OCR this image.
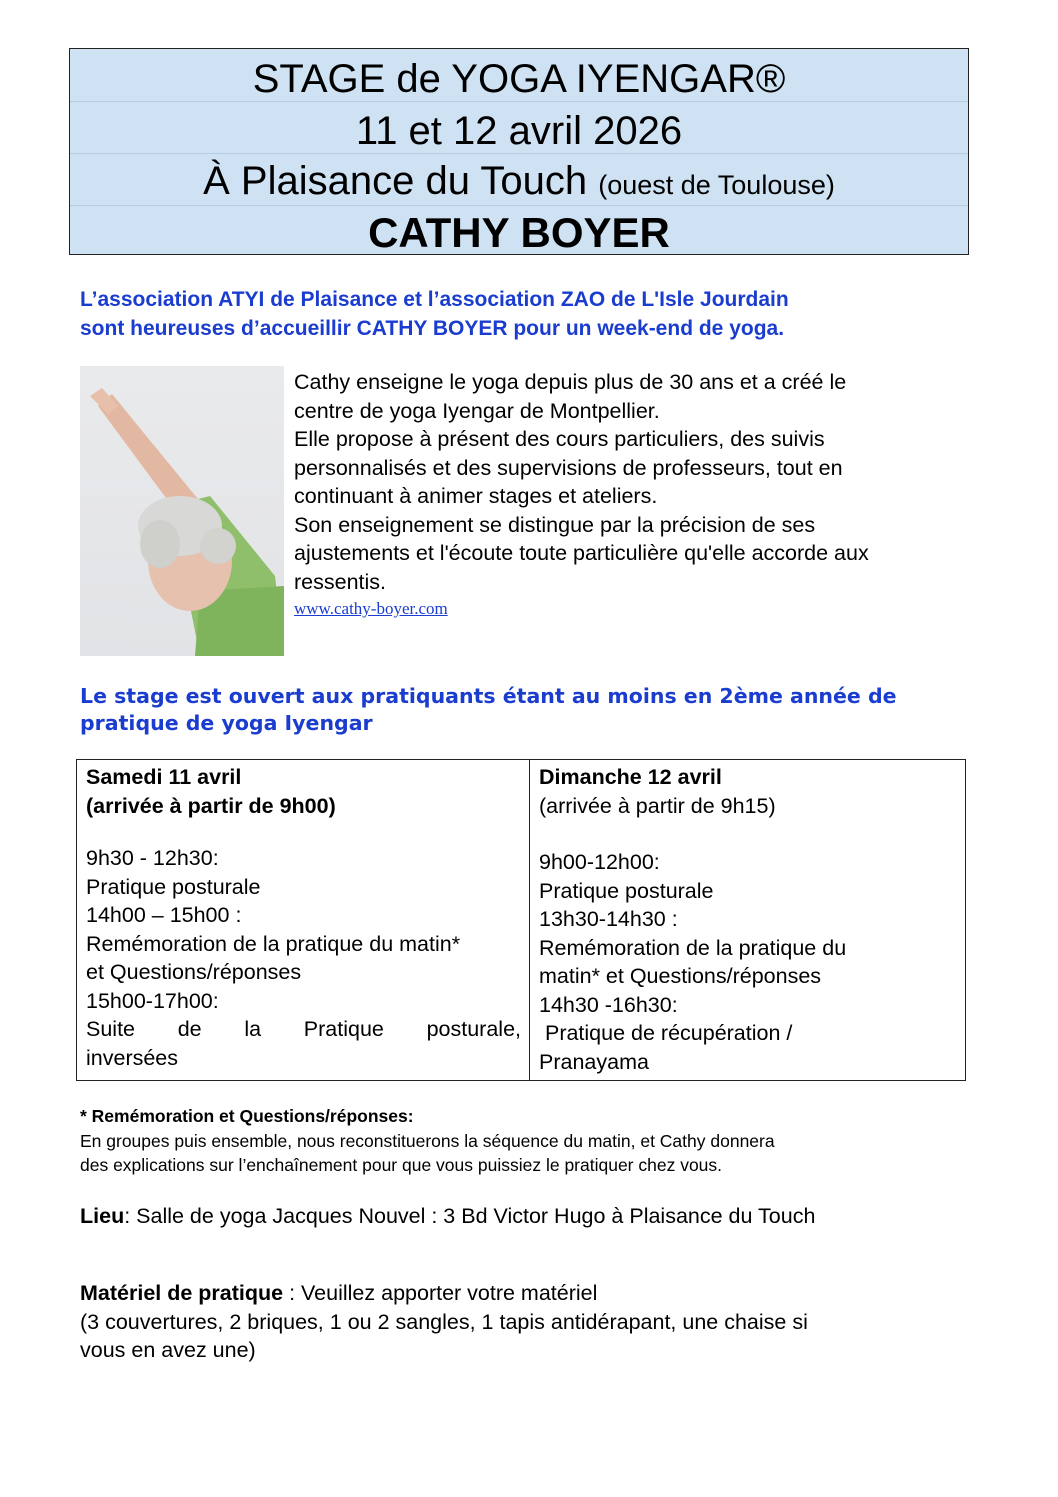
STAGE de YOGA IYENGAR®
11 et 12 avril 2026
À Plaisance du Touch (ouest de Toulouse)
CATHY BOYER
L’association ATYI de Plaisance et l’association ZAO de L'Isle Jourdain
sont heureuses d’accueillir CATHY BOYER pour un week-end de yoga.
Cathy enseigne le yoga depuis plus de 30 ans et a créé le
centre de yoga Iyengar de Montpellier.
Elle propose à présent des cours particuliers, des suivis
personnalisés et des supervisions de professeurs, tout en
continuant à animer stages et ateliers.
Son enseignement se distingue par la précision de ses
ajustements et l'écoute toute particulière qu'elle accorde aux
ressentis.
www.cathy-boyer.com
Le stage est ouvert aux pratiquants étant au moins en 2ème année de
pratique de yoga Iyengar
Samedi 11 avril
(arrivée à partir de 9h00)
9h30 - 12h30:
Pratique posturale
14h00 – 15h00 :
Remémoration de la pratique du matin*
et Questions/réponses
15h00-17h00:
Suite de la Pratique posturale,
inversées

Dimanche 12 avril
(arrivée à partir de 9h15)
9h00-12h00:
Pratique posturale
13h30-14h30 :
Remémoration de la pratique du
matin* et Questions/réponses
14h30 -16h30:
Pratique de récupération /
Pranayama
* Remémoration et Questions/réponses:
En groupes puis ensemble, nous reconstituerons la séquence du matin, et Cathy donnera
des explications sur l’enchaînement pour que vous puissiez le pratiquer chez vous.
Lieu: Salle de yoga Jacques Nouvel : 3 Bd Victor Hugo à Plaisance du Touch
Matériel de pratique : Veuillez apporter votre matériel
(3 couvertures, 2 briques, 1 ou 2 sangles, 1 tapis antidérapant, une chaise si
vous en avez une)
